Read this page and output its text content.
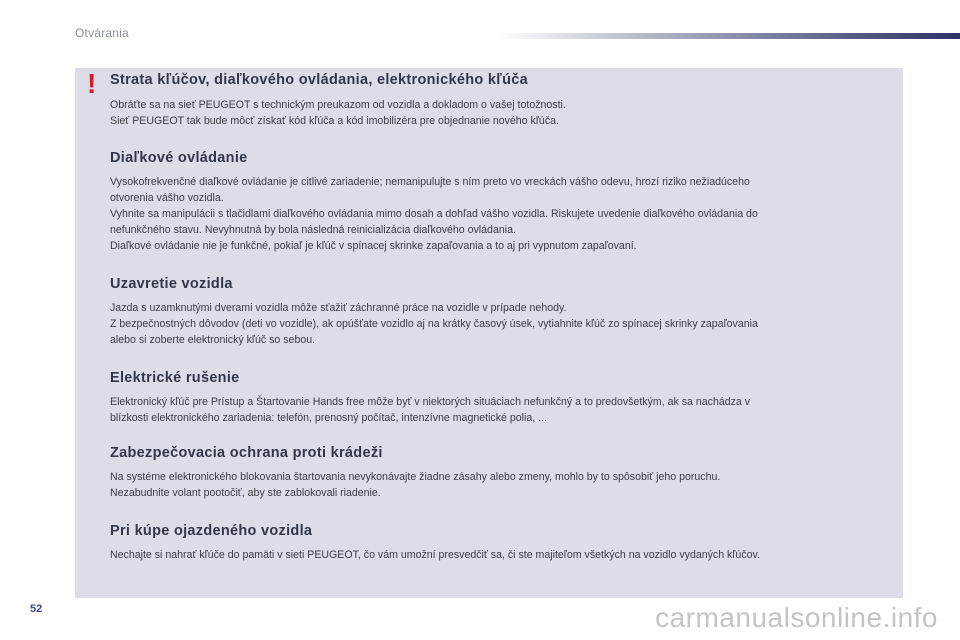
Otvárania
! Strata kľúčov, diaľkového ovládania, elektronického kľúča

Obráťte sa na sieť PEUGEOT s technickým preukazom od vozidla a dokladom o vašej totožnosti.

Sieť PEUGEOT tak bude môcť získať kód kľúča a kód imobilizéra pre objednanie nového kľúča.

Diaľkové ovládanie

Vysokofrekvenčné diaľkové ovládanie je citlivé zariadenie; nemanipulujte s ním preto vo vreckách vášho odevu, hrozí riziko nežiadúceho

otvorenia vášho vozidla.

Vyhnite sa manipulácii s tlačidlami diaľkového ovládania mimo dosah a dohľad vášho vozidla. Riskujete uvedenie diaľkového ovládania do

nefunkčného stavu. Nevyhnutná by bola následná reinicializácia diaľkového ovládania.

Diaľkové ovládanie nie je funkčné, pokiaľ je kľúč v spínacej skrinke zapaľovania a to aj pri vypnutom zapaľovaní.

Uzavretie vozidla

Jazda s uzamknutými dverami vozidla môže sťažiť záchranné práce na vozidle v prípade nehody.

Z bezpečnostných dôvodov (deti vo vozidle), ak opúšťate vozidlo aj na krátky časový úsek, vytiahnite kľúč zo spínacej skrinky zapaľovania

alebo si zoberte elektronický kľúč so sebou.

Elektrické rušenie

Elektronický kľúč pre Prístup a Štartovanie Hands free môže byť v niektorých situáciach nefunkčný a to predovšetkým, ak sa nachádza v

blízkosti elektronického zariadenia: telefón, prenosný počítač, intenzívne magnetické polia, ...

Zabezpečovacia ochrana proti krádeži

Na systéme elektronického blokovania štartovania nevykonávajte žiadne zásahy alebo zmeny, mohlo by to spôsobiť jeho poruchu.

Nezabudnite volant pootočiť, aby ste zablokovali riadenie.

Pri kúpe ojazdeného vozidla

Nechajte si nahrať kľúče do pamäti v sieti PEUGEOT, čo vám umožní presvedčiť sa, či ste majiteľom všetkých na vozidlo vydaných kľúčov.

52	carmanualsonline.info
